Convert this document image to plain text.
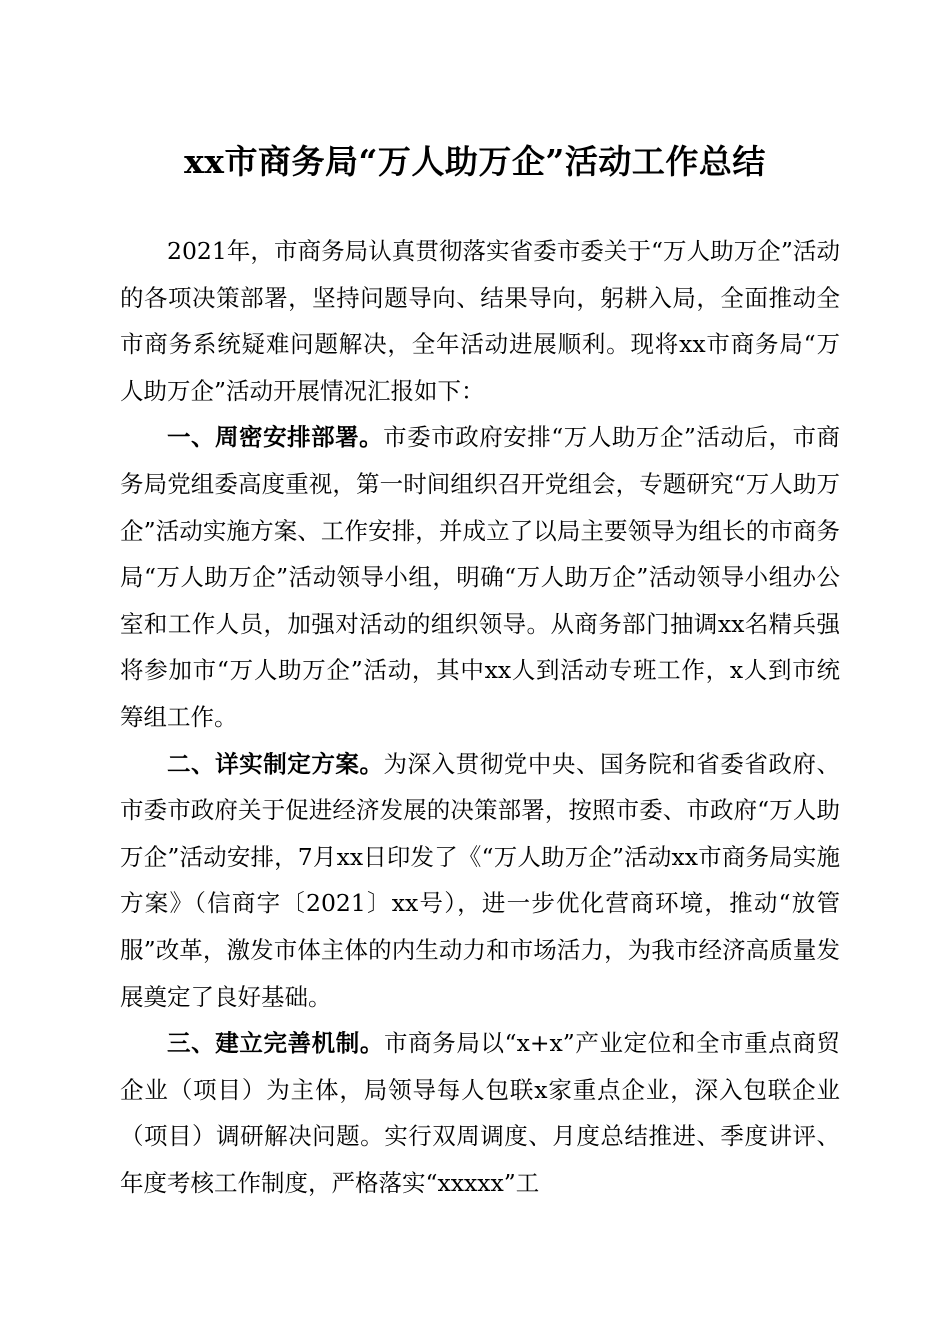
xx市商务局“万人助万企”活动工作总结

2021年，市商务局认真贯彻落实省委市委关于“万人助万企”活动的各项决策部署，坚持问题导向、结果导向，躬耕入局，全面推动全市商务系统疑难问题解决，全年活动进展顺利。现将xx市商务局“万人助万企”活动开展情况汇报如下：

一、周密安排部署。市委市政府安排“万人助万企”活动后，市商务局党组委高度重视，第一时间组织召开党组会，专题研究“万人助万企”活动实施方案、工作安排，并成立了以局主要领导为组长的市商务局“万人助万企”活动领导小组，明确“万人助万企”活动领导小组办公室和工作人员，加强对活动的组织领导。从商务部门抽调xx名精兵强将参加市“万人助万企”活动，其中xx人到活动专班工作，x人到市统筹组工作。

二、详实制定方案。为深入贯彻党中央、国务院和省委省政府、市委市政府关于促进经济发展的决策部署，按照市委、市政府“万人助万企”活动安排，7月xx日印发了《“万人助万企”活动xx市商务局实施方案》（信商字〔2021〕xx号），进一步优化营商环境，推动“放管服”改革，激发市体主体的内生动力和市场活力，为我市经济高质量发展奠定了良好基础。

三、建立完善机制。市商务局以“x+x”产业定位和全市重点商贸企业（项目）为主体，局领导每人包联x家重点企业，深入包联企业（项目）调研解决问题。实行双周调度、月度总结推进、季度讲评、年度考核工作制度，严格落实“xxxxx”工
